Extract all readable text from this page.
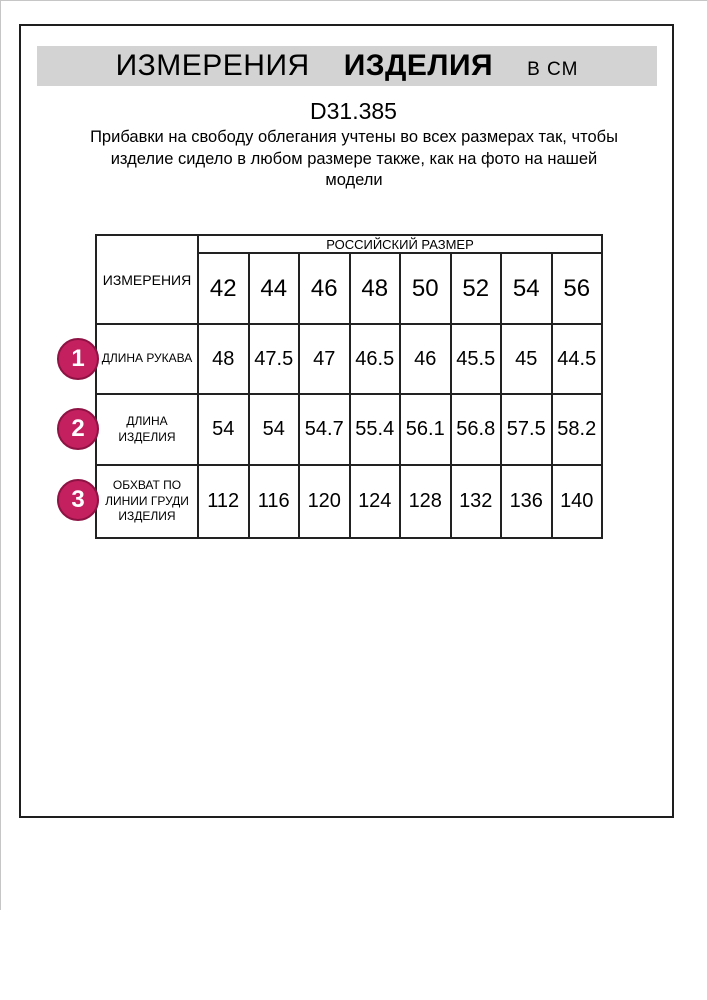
ИЗМЕРЕНИЯ ИЗДЕЛИЯ В СМ
D31.385
Прибавки на свободу облегания учтены во всех размерах так, чтобы изделие сидело в любом размере также, как на фото на нашей модели
ИЗМЕРЕНИЯ	РОССИЙСКИЙ РАЗМЕР							
	42	44	46	48	50	52	54	56
ДЛИНА РУКАВА	48	47.5	47	46.5	46	45.5	45	44.5
ДЛИНА ИЗДЕЛИЯ	54	54	54.7	55.4	56.1	56.8	57.5	58.2
ОБХВАТ ПО ЛИНИИ ГРУДИ ИЗДЕЛИЯ	112	116	120	124	128	132	136	140
1
2
3
